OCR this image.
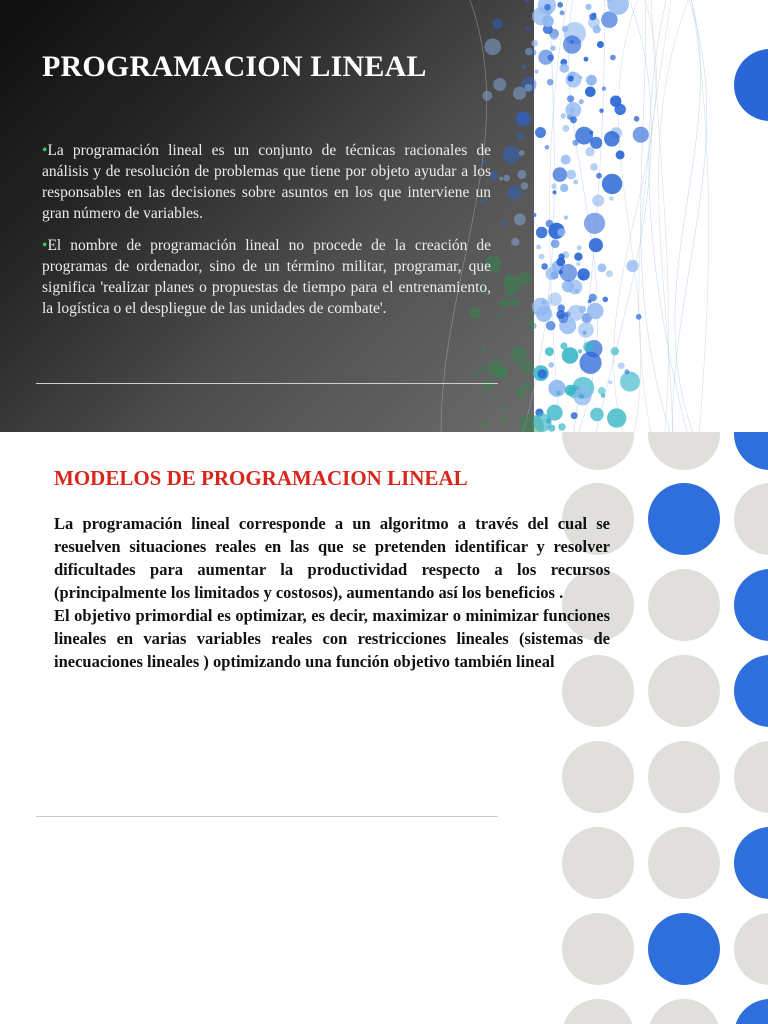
PROGRAMACION LINEAL

•La programación lineal es un conjunto de técnicas racionales de análisis y de resolución de problemas que tiene por objeto ayudar a los responsables en las decisiones sobre asuntos en los que interviene un gran número de variables.

•El nombre de programación lineal no procede de la creación de programas de ordenador, sino de un término militar, programar, que significa 'realizar planes o propuestas de tiempo para el entrenamiento, la logística o el despliegue de las unidades de combate'.

MODELOS DE PROGRAMACION LINEAL

La programación lineal corresponde a un algoritmo a través del cual se resuelven situaciones reales en las que se pretenden identificar y resolver dificultades para aumentar la productividad respecto a los recursos (principalmente los limitados y costosos), aumentando así los beneficios .

El objetivo primordial es optimizar, es decir, maximizar o minimizar funciones lineales en varias variables reales con restricciones lineales (sistemas de inecuaciones lineales ) optimizando una función objetivo también lineal
